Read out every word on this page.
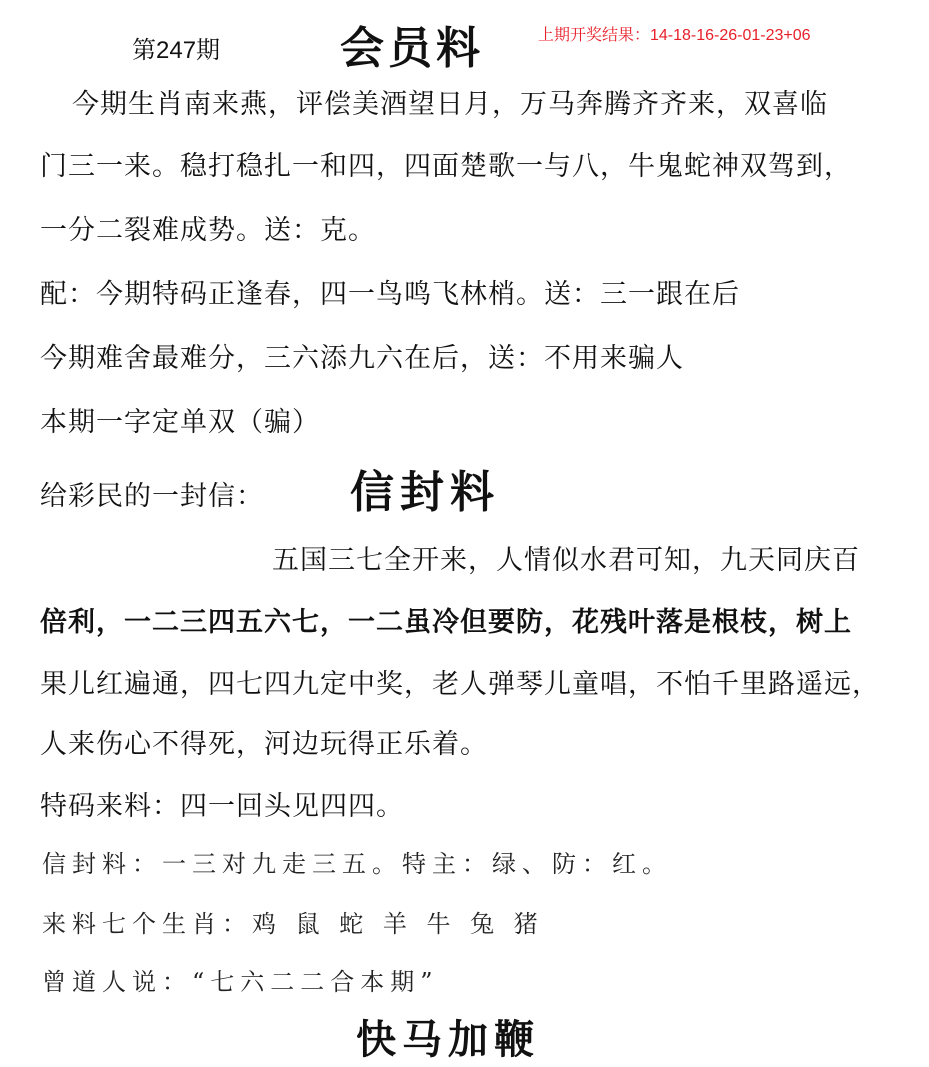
第247期	会员料	上期开奖结果：14-18-16-26-01-23+06
今期生肖南来燕，评偿美酒望日月，万马奔腾齐齐来，双喜临
门三一来。稳打稳扎一和四，四面楚歌一与八，牛鬼蛇神双驾到，
一分二裂难成势。送：克。
配：今期特码正逢春，四一鸟鸣飞林梢。送：三一跟在后
今期难舍最难分，三六添九六在后，送：不用来骗人
本期一字定单双（骗）
给彩民的一封信： 信封料
五国三七全开来，人情似水君可知，九天同庆百
倍利，一二三四五六七，一二虽冷但要防，花残叶落是根枝，树上
果儿红遍通，四七四九定中奖，老人弹琴儿童唱，不怕千里路遥远，
人来伤心不得死，河边玩得正乐着。
特码来料：四一回头见四四。
信封料：一三对九走三五。特主：绿、防：红。
来料七个生肖：鸡 鼠 蛇 羊 牛 兔 猪
曾道人说：“七六二二合本期”
快马加鞭
